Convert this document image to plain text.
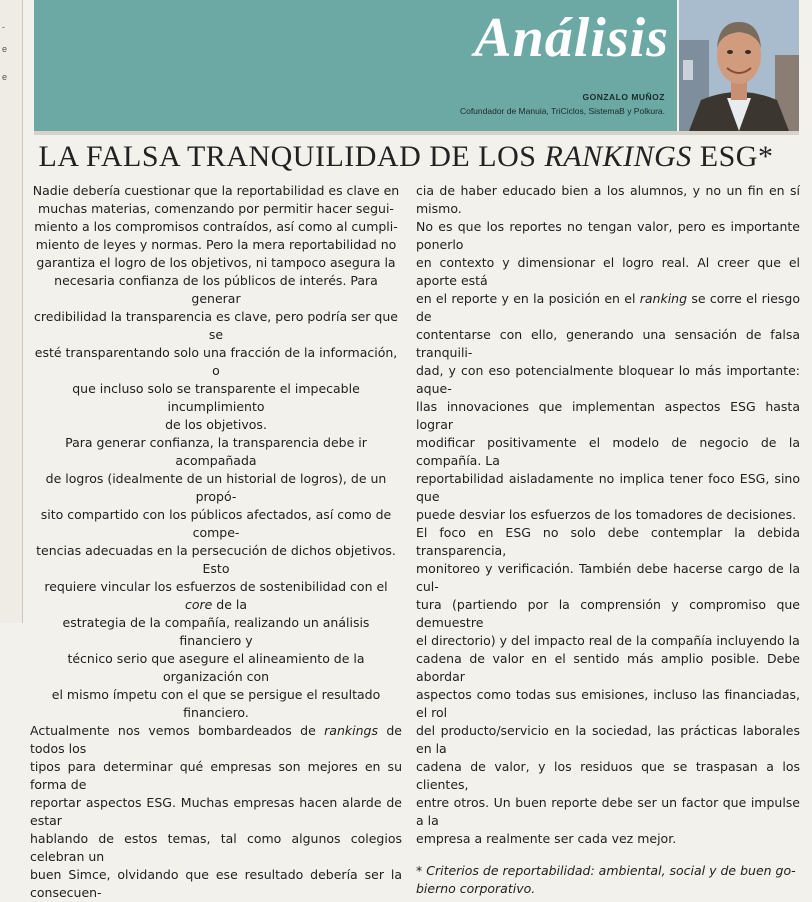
-
e
e
Análisis
GONZALO MUÑOZ
Cofundador de Manuia, TriCiclos, SistemaB y Polkura.
LA FALSA TRANQUILIDAD DE LOS RANKINGS ESG*

Nadie debería cuestionar que la reportabilidad es clave en
muchas materias, comenzando por permitir hacer segui-
miento a los compromisos contraídos, así como al cumpli-
miento de leyes y normas. Pero la mera reportabilidad no
garantiza el logro de los objetivos, ni tampoco asegura la
necesaria confianza de los públicos de interés. Para generar
credibilidad la transparencia es clave, pero podría ser que se
esté transparentando solo una fracción de la información, o
que incluso solo se transparente el impecable incumplimiento
de los objetivos.

Para generar confianza, la transparencia debe ir acompañada
de logros (idealmente de un historial de logros), de un propó-
sito compartido con los públicos afectados, así como de compe-
tencias adecuadas en la persecución de dichos objetivos. Esto
requiere vincular los esfuerzos de sostenibilidad con el core de la
estrategia de la compañía, realizando un análisis financiero y
técnico serio que asegure el alineamiento de la organización con
el mismo ímpetu con el que se persigue el resultado financiero.

Actualmente nos vemos bombardeados de rankings de todos los
tipos para determinar qué empresas son mejores en su forma de
reportar aspectos ESG. Muchas empresas hacen alarde de estar
hablando de estos temas, tal como algunos colegios celebran un
buen Simce, olvidando que ese resultado debería ser la consecuen-

cia de haber educado bien a los alumnos, y no un fin en sí mismo.
No es que los reportes no tengan valor, pero es importante ponerlo
en contexto y dimensionar el logro real. Al creer que el aporte está
en el reporte y en la posición en el ranking se corre el riesgo de
contentarse con ello, generando una sensación de falsa tranquili-
dad, y con eso potencialmente bloquear lo más importante: aque-
llas innovaciones que implementan aspectos ESG hasta lograr
modificar positivamente el modelo de negocio de la compañía. La
reportabilidad aisladamente no implica tener foco ESG, sino que
puede desviar los esfuerzos de los tomadores de decisiones.

El foco en ESG no solo debe contemplar la debida transparencia,
monitoreo y verificación. También debe hacerse cargo de la cul-
tura (partiendo por la comprensión y compromiso que demuestre
el directorio) y del impacto real de la compañía incluyendo la
cadena de valor en el sentido más amplio posible. Debe abordar
aspectos como todas sus emisiones, incluso las financiadas, el rol
del producto/servicio en la sociedad, las prácticas laborales en la
cadena de valor, y los residuos que se traspasan a los clientes,
entre otros. Un buen reporte debe ser un factor que impulse a la
empresa a realmente ser cada vez mejor.

* Criterios de reportabilidad: ambiental, social y de buen go-
bierno corporativo.
